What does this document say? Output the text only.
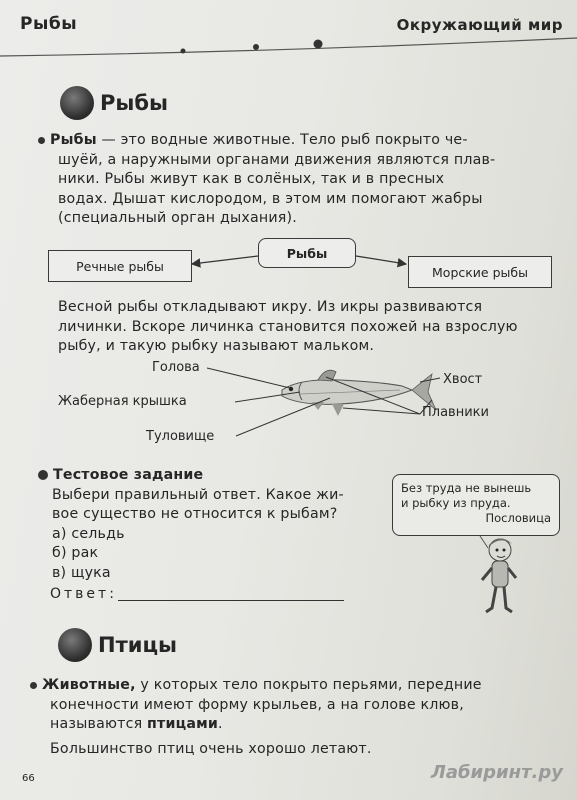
Рыбы	Окружающий мир
Рыбы
Рыбы — это водные животные. Тело рыб покрыто че-
шуёй, а наружными органами движения являются плав-
ники. Рыбы живут как в солёных, так и в пресных
водах. Дышат кислородом, в этом им помогают жабры
(специальный орган дыхания).
Рыбы
Речные рыбы	Морские рыбы
Весной рыбы откладывают икру. Из икры развиваются
личинки. Вскоре личинка становится похожей на взрослую
рыбу, и такую рыбку называют мальком.
Голова
Жаберная крышка
Туловище
Хвост
Плавники
Тестовое задание
Выбери правильный ответ. Какое жи-
вое существо не относится к рыбам?
а) сельдь
б) рак
в) щука
Ответ:
Без труда не вынешь
и рыбку из пруда.
Пословица
Птицы
Животные, у которых тело покрыто перьями, передние
конечности имеют форму крыльев, а на голове клюв,
называются птицами.
Большинство птиц очень хорошо летают.
66	Лабиринт.ру
